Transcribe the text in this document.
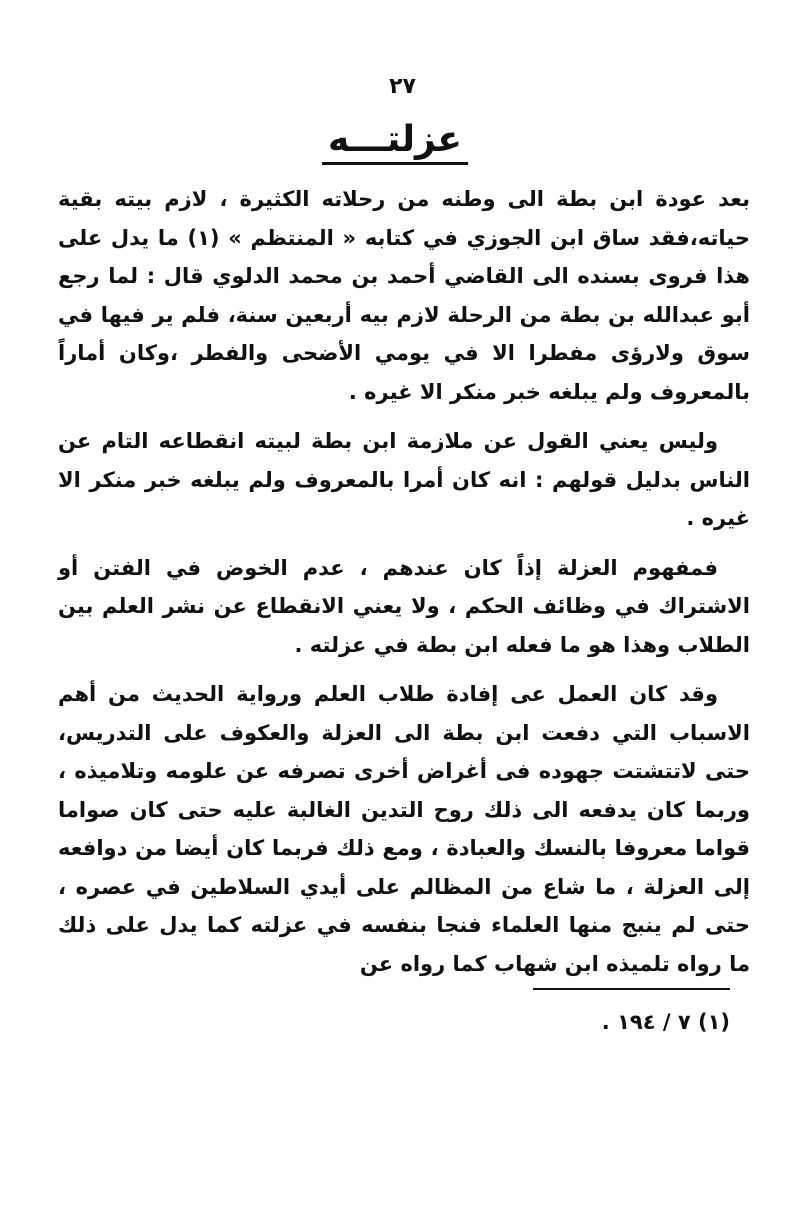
٢٧
عزلتـــه

بعد عودة ابن بطة الى وطنه من رحلاته الكثيرة ، لازم بيته بقية حياته،فقد ساق ابن الجوزي في كتابه « المنتظم » (١) ما يدل على هذا فروى بسنده الى القاضي أحمد بن محمد الدلوي قال : لما رجع أبو عبدالله بن بطة من الرحلة لازم بيه أربعين سنة، فلم ير فيها في سوق ولارؤى مفطرا الا في يومي الأضحى والفطر ،وكان أماراً بالمعروف ولم يبلغه خبر منكر الا غيره .

وليس يعني القول عن ملازمة ابن بطة لبيته انقطاعه التام عن الناس بدليل قولهم : انه كان أمرا بالمعروف ولم يبلغه خبر منكر الا غيره .

فمفهوم العزلة إذاً كان عندهم ، عدم الخوض في الفتن أو الاشتراك في وظائف الحكم ، ولا يعني الانقطاع عن نشر العلم بين الطلاب وهذا هو ما فعله ابن بطة في عزلته .

وقد كان العمل عى إفادة طلاب العلم ورواية الحديث من أهم الاسباب التي دفعت ابن بطة الى العزلة والعكوف على التدريس، حتى لاتتشتت جهوده فى أغراض أخرى تصرفه عن علومه وتلاميذه ، وربما كان يدفعه الى ذلك روح التدين الغالبة عليه حتى كان صواما قواما معروفا بالنسك والعبادة ، ومع ذلك فربما كان أيضا من دوافعه إلى العزلة ، ما شاع من المظالم على أيدي السلاطين في عصره ، حتى لم ينبج منها العلماء فنجا بنفسه في عزلته كما يدل على ذلك ما رواه تلميذه ابن شهاب كما رواه عن

(١) ٧ / ١٩٤ .
